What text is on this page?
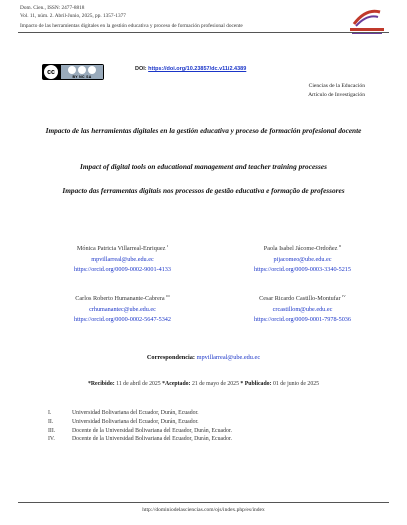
Dom. Cien., ISSN: 2477-8818
Vol. 11, núm. 2. Abril-Junio, 2025, pp. 1357-1377
Impacto de las herramientas digitales en la gestión educativa y proceso de formación profesional docente
cc
BY NC SA
DOI: https://doi.org/10.23857/dc.v11i2.4389
Ciencias de la Educación
Artículo de Investigación
Impacto de las herramientas digitales en la gestión educativa y proceso de formación profesional docente
Impact of digital tools on educational management and teacher training processes
Impacto das ferramentas digitais nos processos de gestão educativa e formação de professores
Mónica Patricia Villarreal-Enriquez $^I$
mpvillarreal@ube.edu.ec
https://orcid.org/0009-0002-9001-4133
Paola Isabel Jácome-Ordoñez $^{II}$
pijacomeo@ube.edu.ec
https://orcid.org/0009-0003-3340-5215
Carlos Roberto Humanante-Cabrera $^{III}$
crhumanantec@ube.edu.ec
https://orcid.org/0000-0002-5647-5342
Cesar Ricardo Castillo-Montufar $^{IV}$
crcastillom@ube.edu.ec
https://orcid.org/0009-0001-7978-5036
Correspondencia: mpvillarreal@ube.edu.ec
*Recibido: 11 de abril de 2025 *Aceptado: 21 de mayo de 2025 * Publicado: 01 de junio de 2025
I.	Universidad Bolivariana del Ecuador, Durán, Ecuador.
II.	Universidad Bolivariana del Ecuador, Durán, Ecuador.
III.	Docente de la Universidad Bolivariana del Ecuador, Durán, Ecuador.
IV.	Docente de la Universidad Bolivariana del Ecuador, Durán, Ecuador.
http://dominiodelasciencias.com/ojs/index.php/es/index
